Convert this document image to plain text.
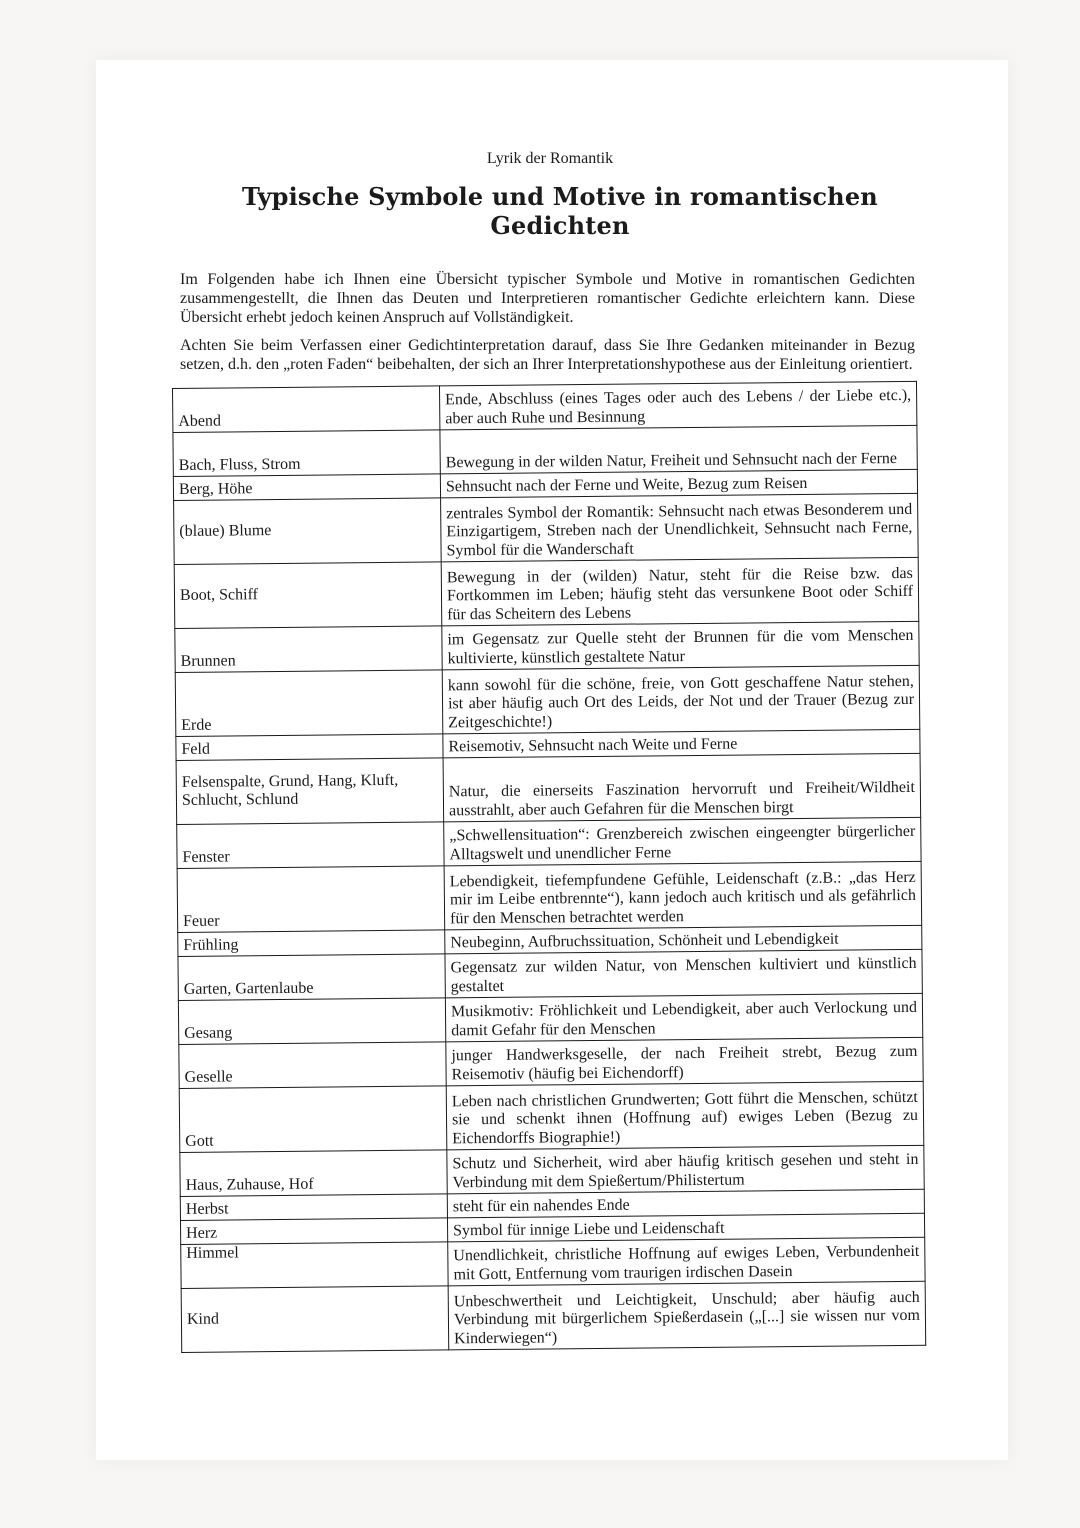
Lyrik der Romantik
Typische Symbole und Motive in romantischen Gedichten

Im Folgenden habe ich Ihnen eine Übersicht typischer Symbole und Motive in romantischen Gedichten zusammengestellt, die Ihnen das Deuten und Interpretieren romantischer Gedichte erleichtern kann. Diese Übersicht erhebt jedoch keinen Anspruch auf Vollständigkeit.

Achten Sie beim Verfassen einer Gedichtinterpretation darauf, dass Sie Ihre Gedanken miteinander in Bezug setzen, d.h. den „roten Faden“ beibehalten, der sich an Ihrer Interpretationshypothese aus der Einleitung orientiert.

Abend	Ende, Abschluss (eines Tages oder auch des Lebens / der Liebe etc.), aber auch Ruhe und Besinnung
Bach, Fluss, Strom	Bewegung in der wilden Natur, Freiheit und Sehnsucht nach der Ferne
Berg, Höhe	Sehnsucht nach der Ferne und Weite, Bezug zum Reisen
(blaue) Blume	zentrales Symbol der Romantik: Sehnsucht nach etwas Besonderem und Einzigartigem, Streben nach der Unendlichkeit, Sehnsucht nach Ferne, Symbol für die Wanderschaft
Boot, Schiff	Bewegung in der (wilden) Natur, steht für die Reise bzw. das Fortkommen im Leben; häufig steht das versunkene Boot oder Schiff für das Scheitern des Lebens
Brunnen	im Gegensatz zur Quelle steht der Brunnen für die vom Menschen kultivierte, künstlich gestaltete Natur
Erde	kann sowohl für die schöne, freie, von Gott geschaffene Natur stehen, ist aber häufig auch Ort des Leids, der Not und der Trauer (Bezug zur Zeitgeschichte!)
Feld	Reisemotiv, Sehnsucht nach Weite und Ferne
Felsenspalte, Grund, Hang, Kluft, Schlucht, Schlund	Natur, die einerseits Faszination hervorruft und Freiheit/Wildheit ausstrahlt, aber auch Gefahren für die Menschen birgt
Fenster	„Schwellensituation“: Grenzbereich zwischen eingeengter bürgerlicher Alltagswelt und unendlicher Ferne
Feuer	Lebendigkeit, tiefempfundene Gefühle, Leidenschaft (z.B.: „das Herz mir im Leibe entbrennte“), kann jedoch auch kritisch und als gefährlich für den Menschen betrachtet werden
Frühling	Neubeginn, Aufbruchssituation, Schönheit und Lebendigkeit
Garten, Gartenlaube	Gegensatz zur wilden Natur, von Menschen kultiviert und künstlich gestaltet
Gesang	Musikmotiv: Fröhlichkeit und Lebendigkeit, aber auch Verlockung und damit Gefahr für den Menschen
Geselle	junger Handwerksgeselle, der nach Freiheit strebt, Bezug zum Reisemotiv (häufig bei Eichendorff)
Gott	Leben nach christlichen Grundwerten; Gott führt die Menschen, schützt sie und schenkt ihnen (Hoffnung auf) ewiges Leben (Bezug zu Eichendorffs Biographie!)
Haus, Zuhause, Hof	Schutz und Sicherheit, wird aber häufig kritisch gesehen und steht in Verbindung mit dem Spießertum/Philistertum
Herbst	steht für ein nahendes Ende
Herz	Symbol für innige Liebe und Leidenschaft
Himmel	Unendlichkeit, christliche Hoffnung auf ewiges Leben, Verbundenheit mit Gott, Entfernung vom traurigen irdischen Dasein
Kind	Unbeschwertheit und Leichtigkeit, Unschuld; aber häufig auch Verbindung mit bürgerlichem Spießerdasein („[...] sie wissen nur vom Kinderwiegen“)
